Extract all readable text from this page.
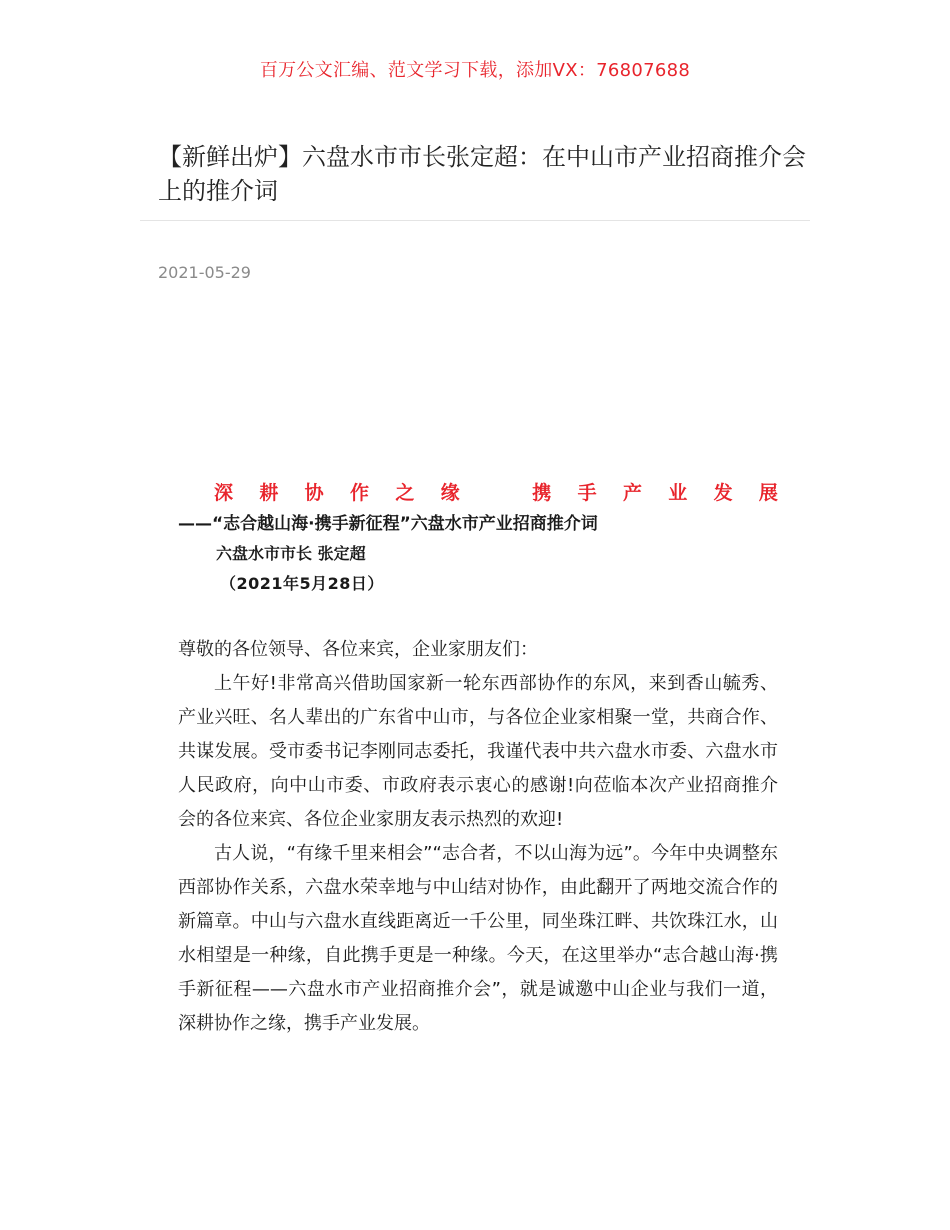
百万公文汇编、范文学习下载，添加VX：76807688
【新鲜出炉】六盘水市市长张定超：在中山市产业招商推介会上的推介词
2021-05-29
深 耕 协 作 之 缘	携 手 产 业 发 展
——“志合越山海·携手新征程”六盘水市产业招商推介词
六盘水市市长 张定超
（2021年5月28日）

尊敬的各位领导、各位来宾，企业家朋友们：

上午好!非常高兴借助国家新一轮东西部协作的东风，来到香山毓秀、产业兴旺、名人辈出的广东省中山市，与各位企业家相聚一堂，共商合作、共谋发展。受市委书记李刚同志委托，我谨代表中共六盘水市委、六盘水市人民政府，向中山市委、市政府表示衷心的感谢!向莅临本次产业招商推介会的各位来宾、各位企业家朋友表示热烈的欢迎!

古人说，“有缘千里来相会”“志合者，不以山海为远”。今年中央调整东西部协作关系，六盘水荣幸地与中山结对协作，由此翻开了两地交流合作的新篇章。中山与六盘水直线距离近一千公里，同坐珠江畔、共饮珠江水，山水相望是一种缘，自此携手更是一种缘。今天，在这里举办“志合越山海·携手新征程——六盘水市产业招商推介会”，就是诚邀中山企业与我们一道，深耕协作之缘，携手产业发展。
